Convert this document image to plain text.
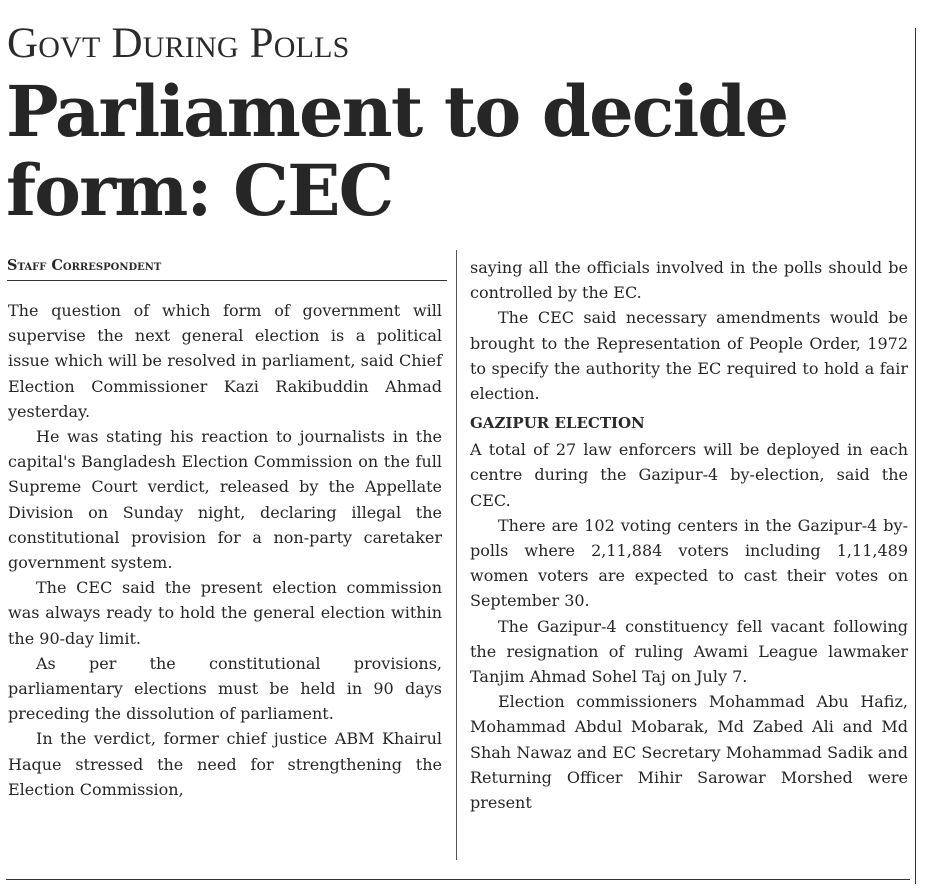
Govt During Polls
Parliament to decide form: CEC
Staff Correspondent

The question of which form of government will supervise the next general election is a political issue which will be resolved in parliament, said Chief Election Commissioner Kazi Rakibuddin Ahmad yesterday.

He was stating his reaction to journalists in the capital's Bangladesh Election Commission on the full Supreme Court verdict, released by the Appellate Division on Sunday night, declaring illegal the constitutional provision for a non-party caretaker government system.

The CEC said the present election commission was always ready to hold the general election within the 90-day limit.

As per the constitutional provisions, parliamentary elections must be held in 90 days preceding the dissolution of parliament.

In the verdict, former chief justice ABM Khairul Haque stressed the need for strengthening the Election Commission,

saying all the officials involved in the polls should be controlled by the EC.

The CEC said necessary amendments would be brought to the Representation of People Order, 1972 to specify the authority the EC required to hold a fair election.

GAZIPUR ELECTION

A total of 27 law enforcers will be deployed in each centre during the Gazipur-4 by-election, said the CEC.

There are 102 voting centers in the Gazipur-4 by-polls where 2,11,884 voters including 1,11,489 women voters are expected to cast their votes on September 30.

The Gazipur-4 constituency fell vacant following the resignation of ruling Awami League lawmaker Tanjim Ahmad Sohel Taj on July 7.

Election commissioners Mohammad Abu Hafiz, Mohammad Abdul Mobarak, Md Zabed Ali and Md Shah Nawaz and EC Secretary Mohammad Sadik and Returning Officer Mihir Sarowar Morshed were present
